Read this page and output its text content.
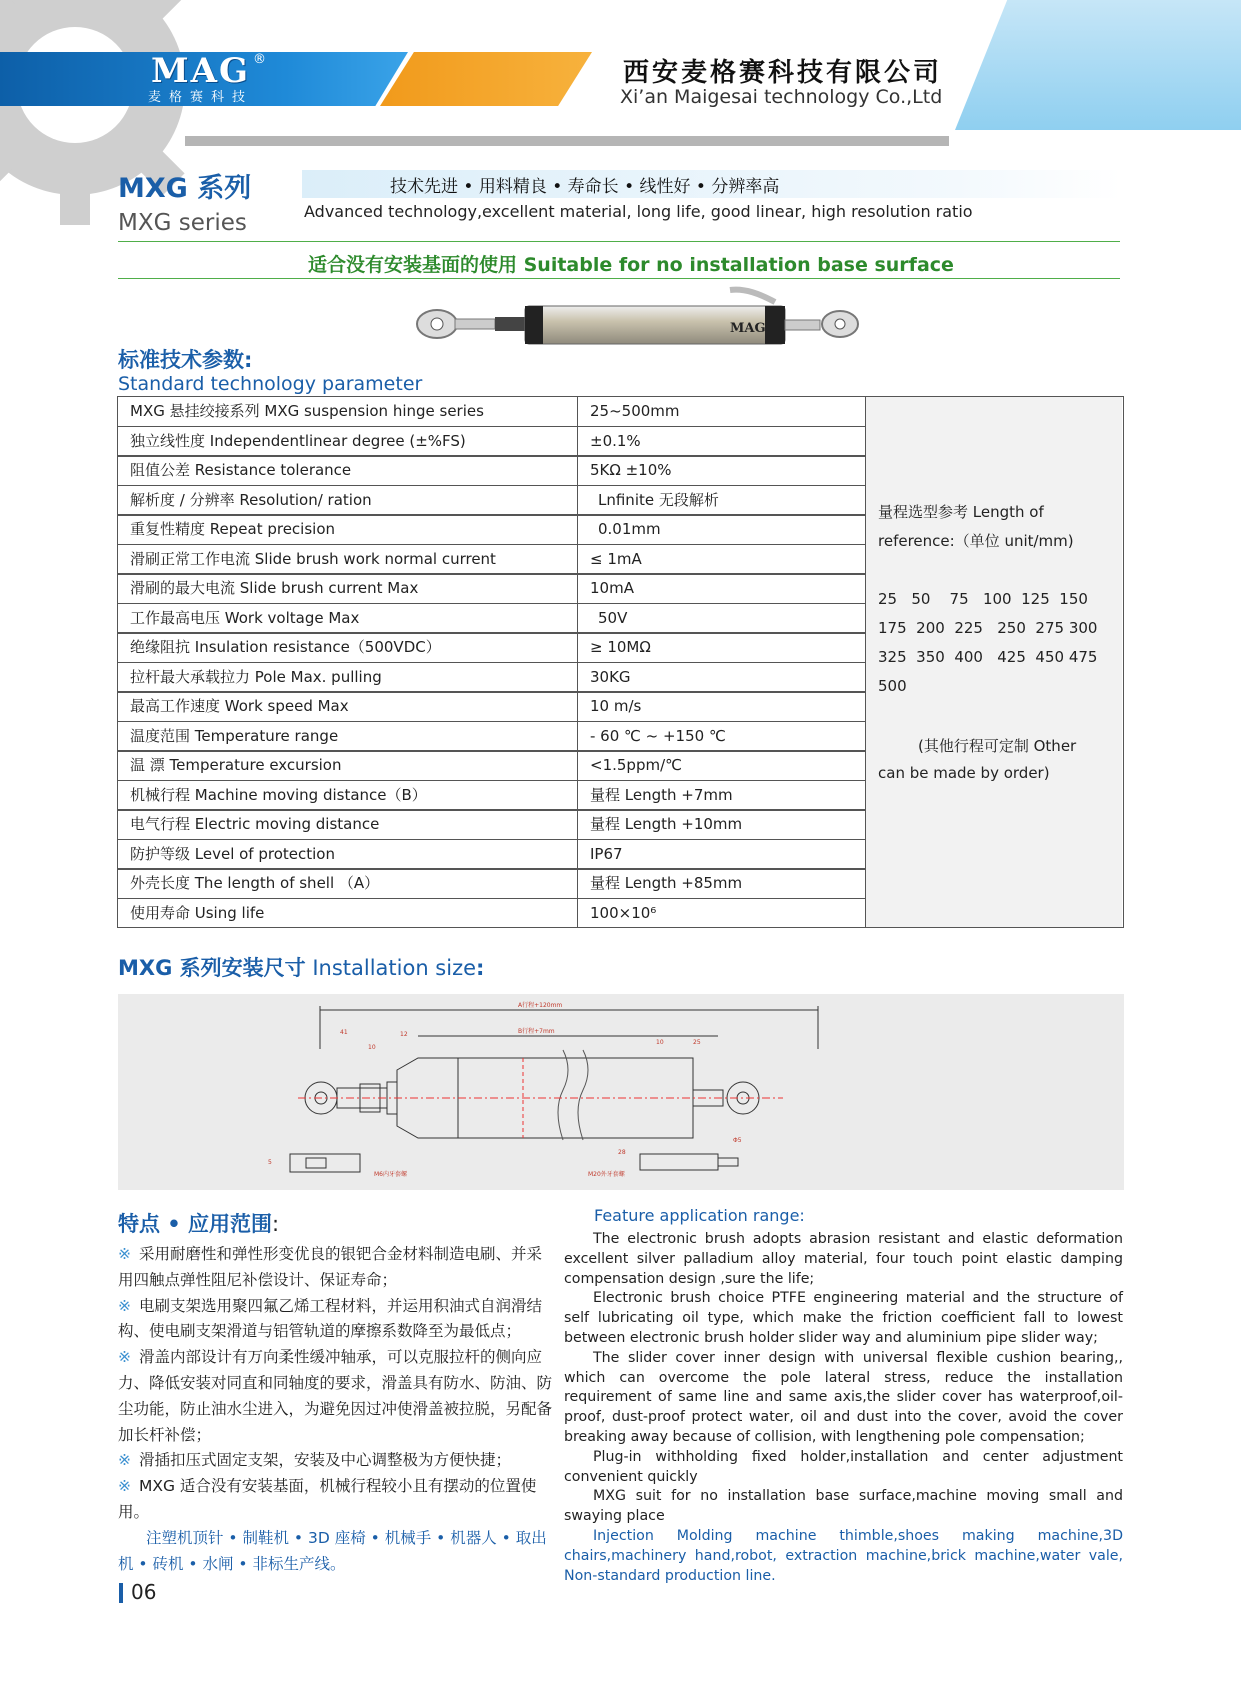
MAG
麦格赛科技
®	西安麦格赛科技有限公司
Xi’an Maigesai technology Co.,Ltd
MXG 系列
MXG series
技术先进 • 用料精良 • 寿命长 • 线性好 • 分辨率高
Advanced technology,excellent material, long life, good linear, high resolution ratio
适合没有安装基面的使用 Suitable for no installation base surface
MAG
标准技术参数:
Standard technology parameter
MXG 悬挂绞接系列 MXG suspension hinge series	25~500mm
独立线性度 Independentlinear degree (±%FS)	±0.1%
阻值公差 Resistance tolerance	5KΩ ±10%
解析度 / 分辨率 Resolution/ ration	Lnfinite 无段解析
重复性精度 Repeat precision	0.01mm
滑刷正常工作电流 Slide brush work normal current	≤ 1mA
滑刷的最大电流 Slide brush current Max	10mA
工作最高电压 Work voltage Max	50V
绝缘阻抗 Insulation resistance（500VDC）	≥ 10MΩ
拉杆最大承载拉力 Pole Max. pulling	30KG
最高工作速度 Work speed Max	10 m/s
温度范围 Temperature range	- 60 ℃ ~ +150 ℃
温 漂 Temperature excursion	<1.5ppm/℃
机械行程 Machine moving distance（B）	量程 Length +7mm
电气行程 Electric moving distance	量程 Length +10mm
防护等级 Level of protection	IP67
外壳长度 The length of shell （A）	量程 Length +85mm
使用寿命 Using life	100×10⁶
量程选型参考 Length of
reference:（单位 unit/mm)
25   50    75   100  125  150
175  200  225   250  275 300
325  350  400   425  450 475
500
(其他行程可定制 Other
can be made by order)
MXG 系列安装尺寸 Installation size:
A行程+120mm
B行程+7mm
41
10
12
10	25
28
5
Φ5
M6内牙套螺	M20外牙套螺
特点 • 应用范围:
※ 采用耐磨性和弹性形变优良的银钯合金材料制造电刷、并采用四触点弹性阻尼补偿设计、保证寿命；
※ 电刷支架选用聚四氟乙烯工程材料，并运用积油式自润滑结构、使电刷支架滑道与铝管轨道的摩擦系数降至为最低点；
※ 滑盖内部设计有万向柔性缓冲轴承，可以克服拉杆的侧向应力、降低安装对同直和同轴度的要求，滑盖具有防水、防油、防尘功能，防止油水尘进入，为避免因过冲使滑盖被拉脱，另配备加长杆补偿；
※ 滑插扣压式固定支架，安装及中心调整极为方便快捷；
※ MXG 适合没有安装基面，机械行程较小且有摆动的位置使用。
注塑机顶针 • 制鞋机 • 3D 座椅 • 机械手 • 机器人 • 取出机 • 砖机 • 水闸 • 非标生产线。
Feature application range:
The electronic brush adopts abrasion resistant and elastic deformation excellent silver palladium alloy material, four touch point elastic damping compensation design ,sure the life;
Electronic brush choice PTFE engineering material and the structure of self lubricating oil type, which make the friction coefficient fall to lowest between electronic brush holder slider way and aluminium pipe slider way;
The slider cover inner design with universal flexible cushion bearing,, which can overcome the pole lateral stress, reduce the installation requirement of same line and same axis,the slider cover has waterproof,oil-proof, dust-proof protect water, oil and dust into the cover, avoid the cover breaking away because of collision, with lengthening pole compensation;
Plug-in withholding fixed holder,installation and center adjustment convenient quickly
MXG suit for no installation base surface,machine moving small and swaying place
Injection Molding machine thimble,shoes making machine,3D chairs,machinery hand,robot, extraction machine,brick machine,water vale, Non-standard production line.
06
